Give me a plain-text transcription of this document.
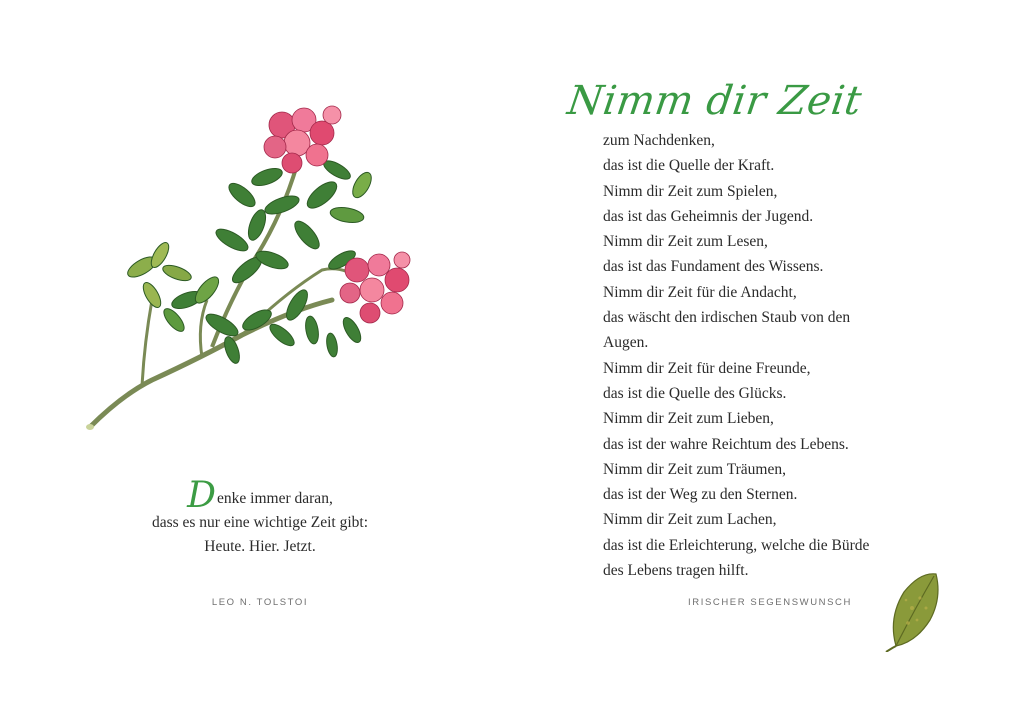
Denke immer daran,
dass es nur eine wichtige Zeit gibt:
Heute. Hier. Jetzt.
LEO N. TOLSTOI
Nimm dir Zeit
zum Nachdenken,
das ist die Quelle der Kraft.
Nimm dir Zeit zum Spielen,
das ist das Geheimnis der Jugend.
Nimm dir Zeit zum Lesen,
das ist das Fundament des Wissens.
Nimm dir Zeit für die Andacht,
das wäscht den irdischen Staub von den
Augen.
Nimm dir Zeit für deine Freunde,
das ist die Quelle des Glücks.
Nimm dir Zeit zum Lieben,
das ist der wahre Reichtum des Lebens.
Nimm dir Zeit zum Träumen,
das ist der Weg zu den Sternen.
Nimm dir Zeit zum Lachen,
das ist die Erleichterung, welche die Bürde
des Lebens tragen hilft.
IRISCHER SEGENSWUNSCH
